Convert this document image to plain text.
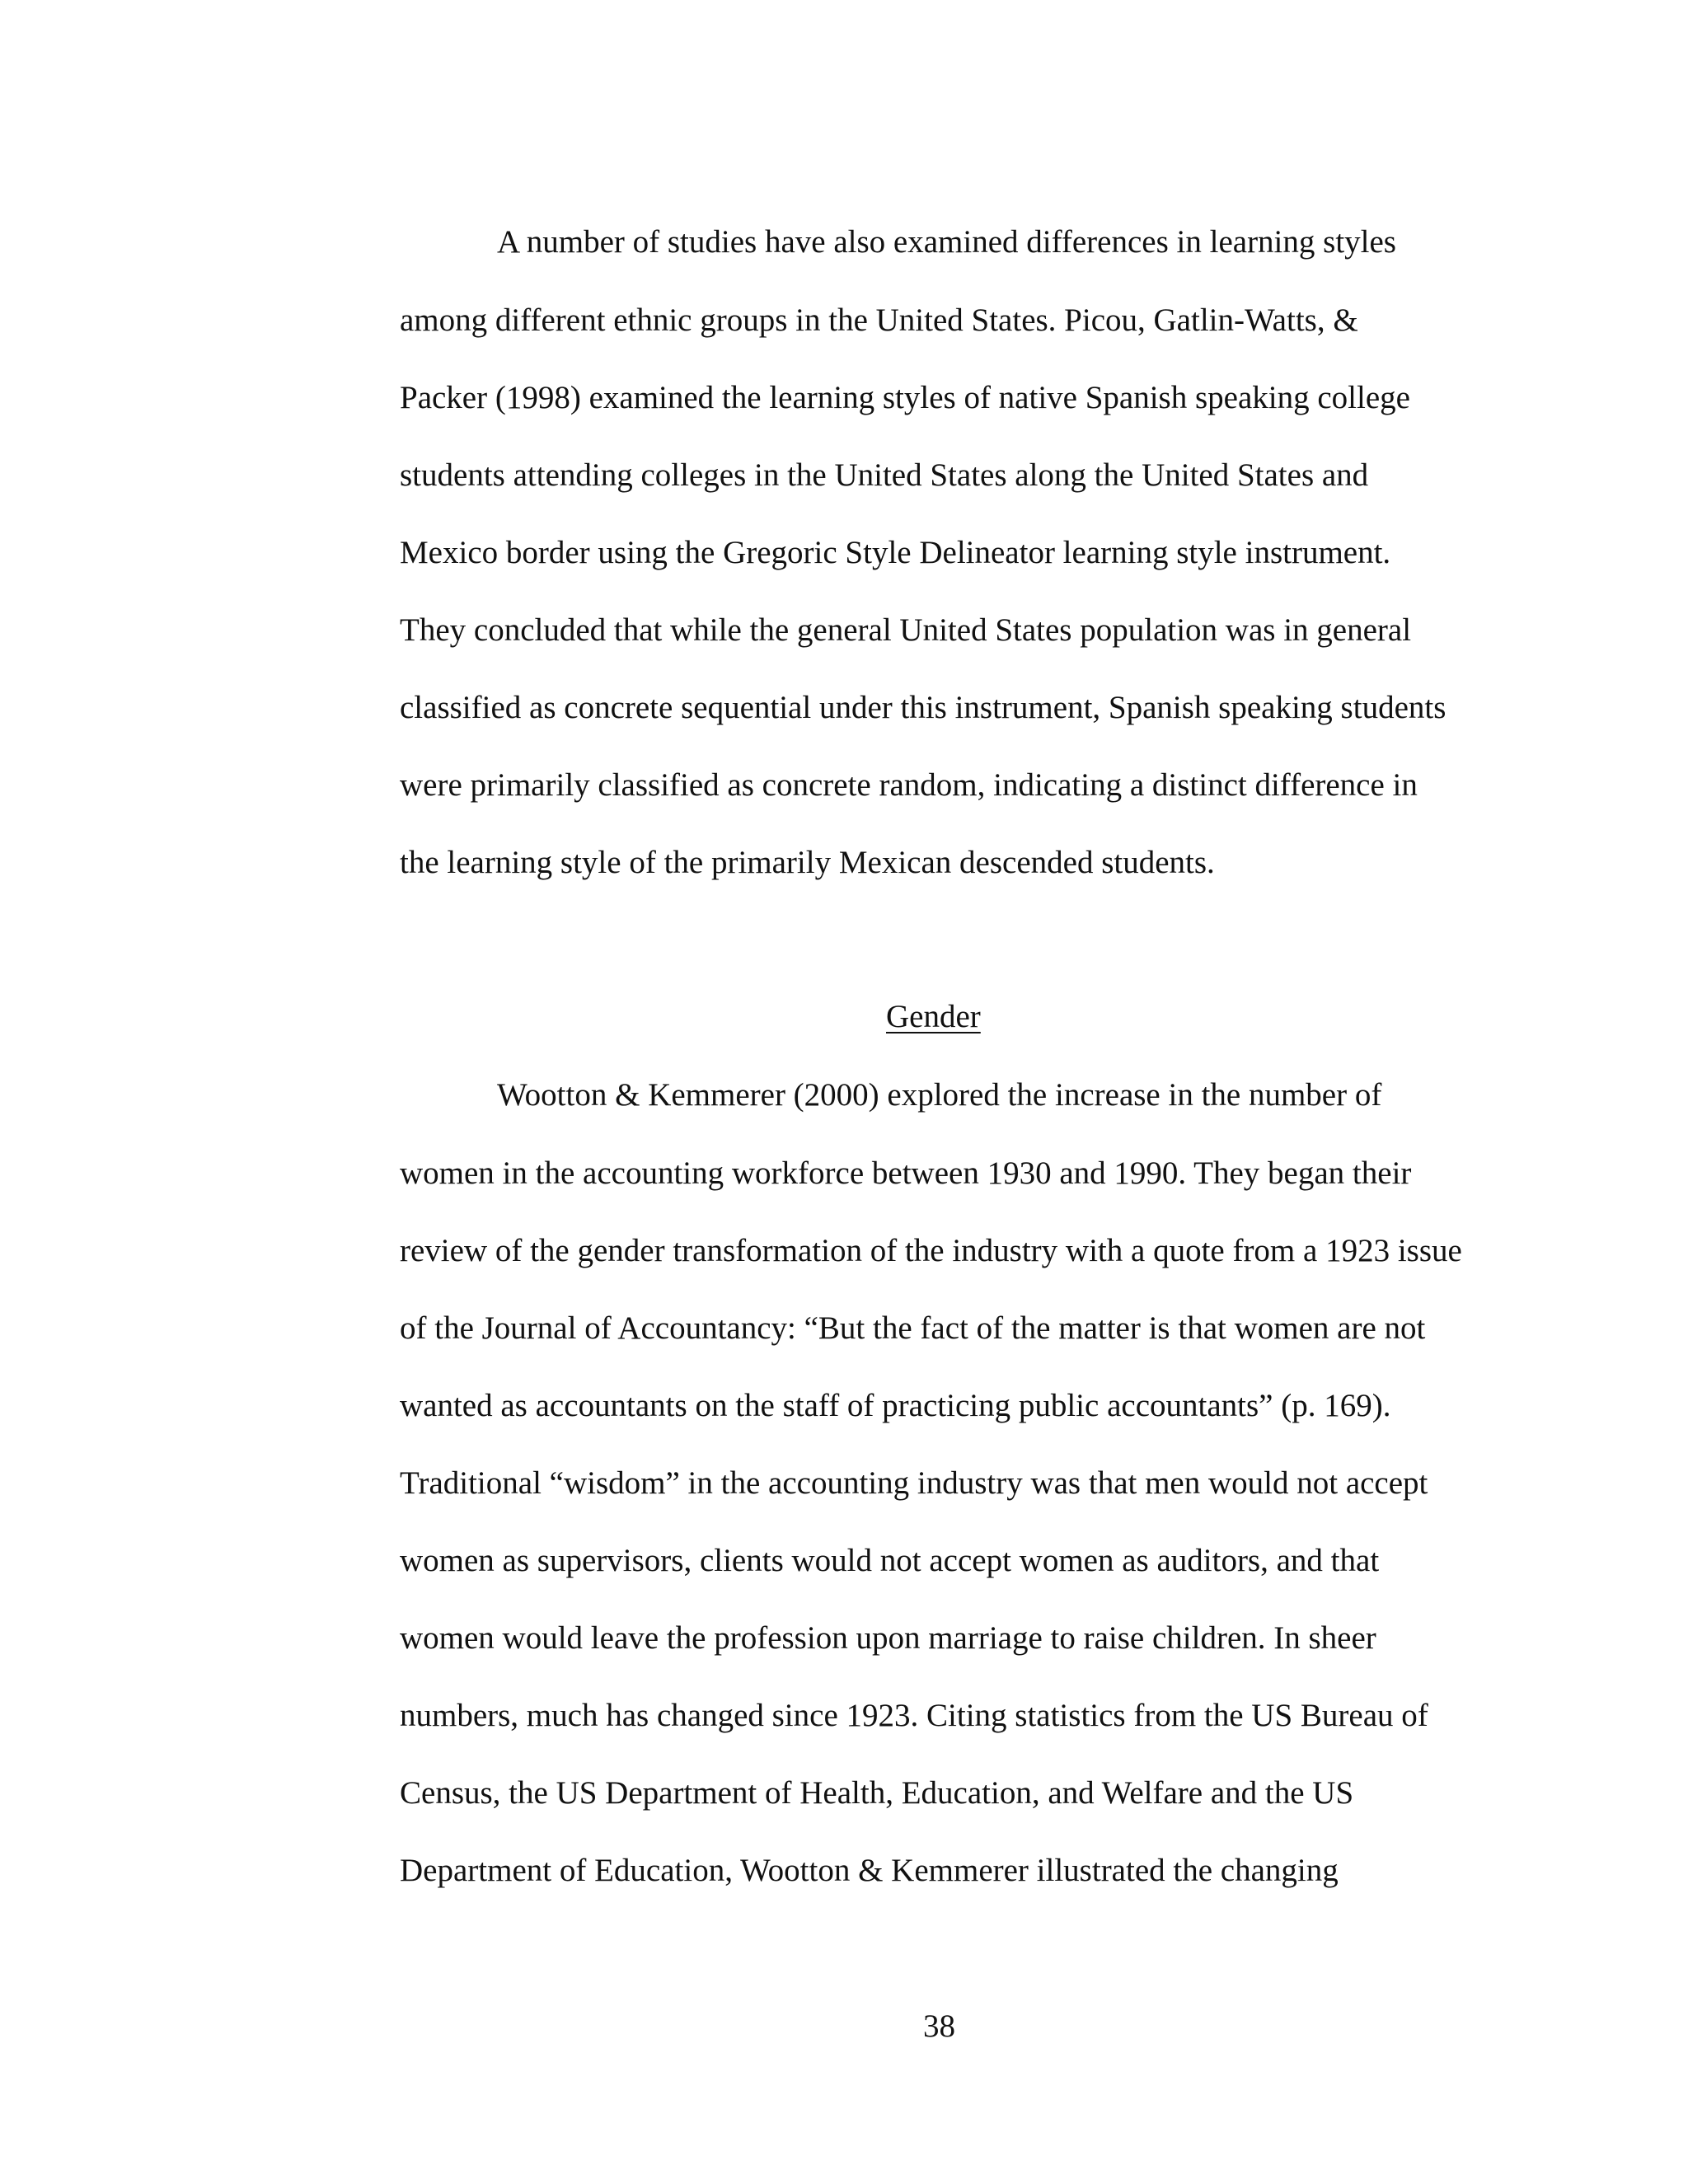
A number of studies have also examined differences in learning styles
among different ethnic groups in the United States. Picou, Gatlin-Watts, &
Packer (1998) examined the learning styles of native Spanish speaking college
students attending colleges in the United States along the United States and
Mexico border using the Gregoric Style Delineator learning style instrument.
They concluded that while the general United States population was in general
classified as concrete sequential under this instrument, Spanish speaking students
were primarily classified as concrete random, indicating a distinct difference in
the learning style of the primarily Mexican descended students.
Gender
Wootton & Kemmerer (2000) explored the increase in the number of
women in the accounting workforce between 1930 and 1990. They began their
review of the gender transformation of the industry with a quote from a 1923 issue
of the Journal of Accountancy: “But the fact of the matter is that women are not
wanted as accountants on the staff of practicing public accountants” (p. 169).
Traditional “wisdom” in the accounting industry was that men would not accept
women as supervisors, clients would not accept women as auditors, and that
women would leave the profession upon marriage to raise children. In sheer
numbers, much has changed since 1923. Citing statistics from the US Bureau of
Census, the US Department of Health, Education, and Welfare and the US
Department of Education, Wootton & Kemmerer illustrated the changing
38
